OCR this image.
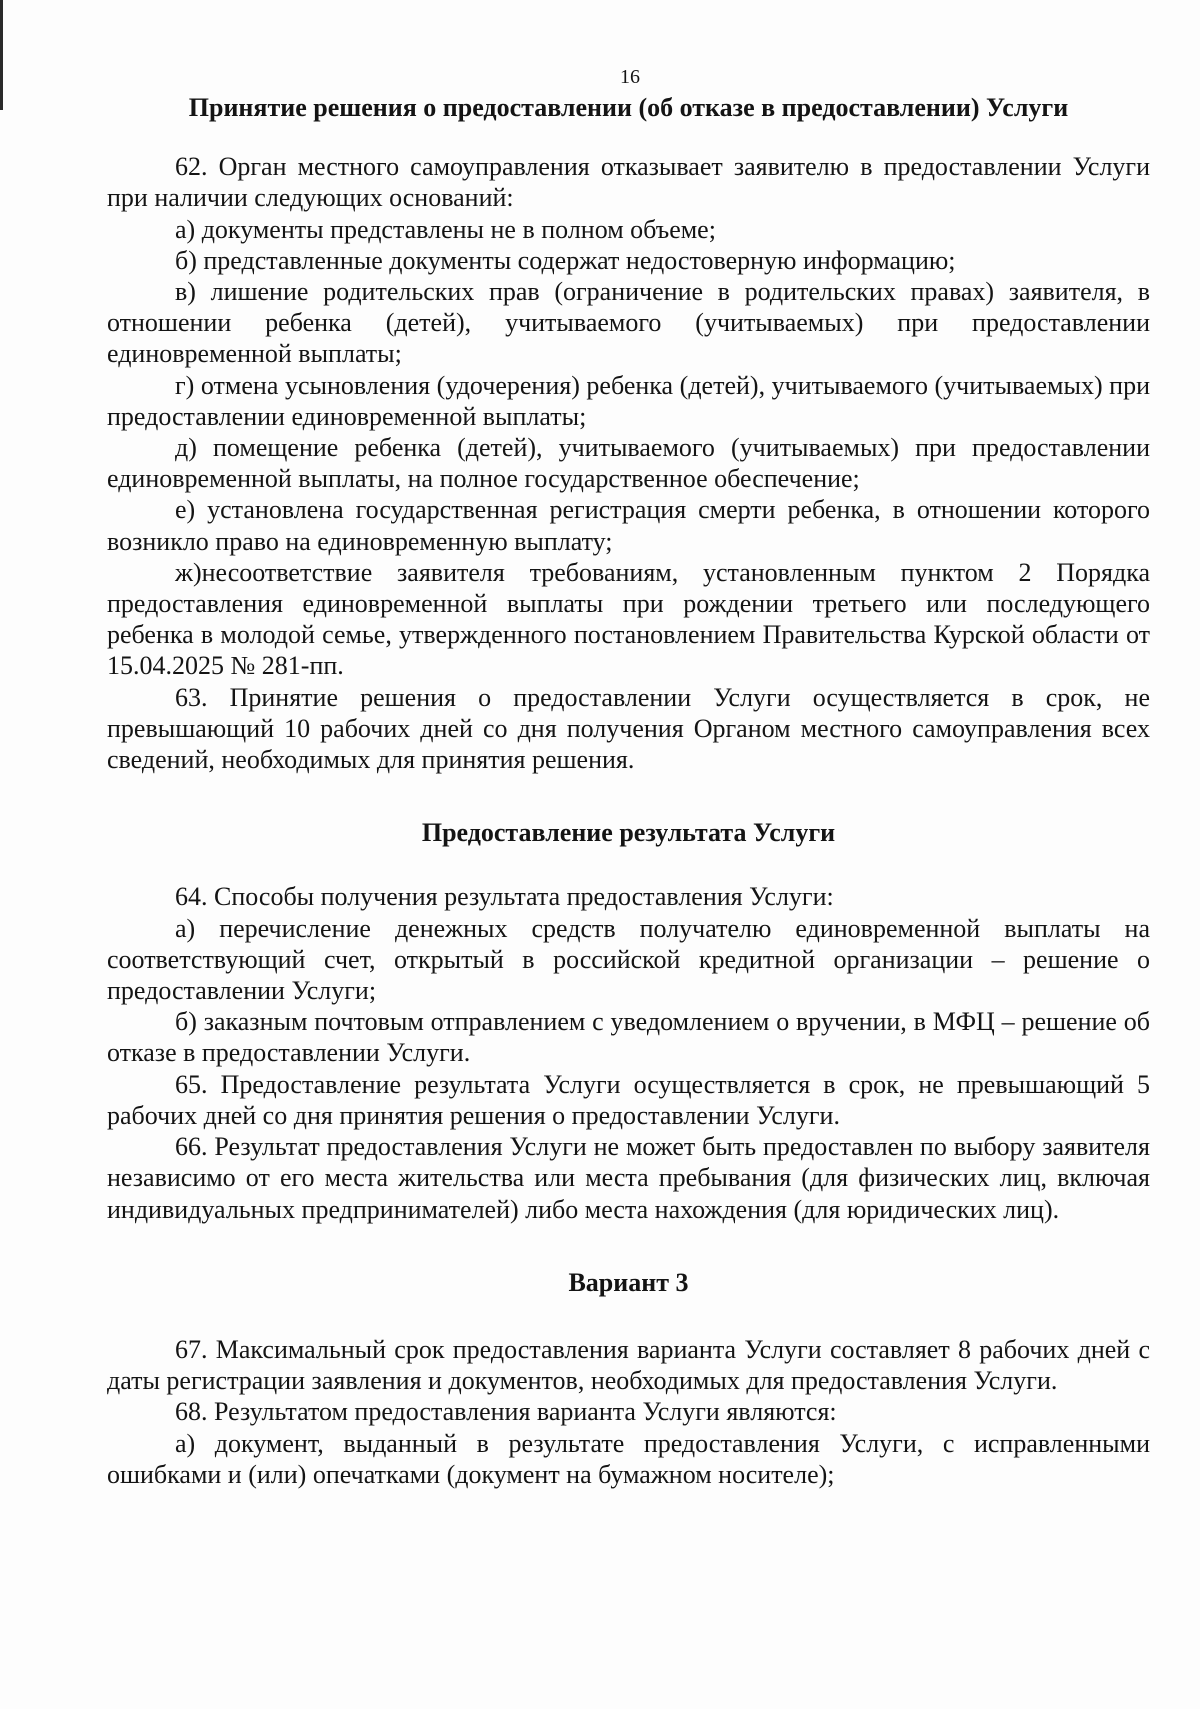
16
Принятие решения о предоставлении (об отказе в предоставлении) Услуги

62. Орган местного самоуправления отказывает заявителю в предоставлении Услуги при наличии следующих оснований:

а) документы представлены не в полном объеме;

б) представленные документы содержат недостоверную информацию;

в) лишение родительских прав (ограничение в родительских правах) заявителя, в отношении ребенка (детей), учитываемого (учитываемых) при предоставлении единовременной выплаты;

г) отмена усыновления (удочерения) ребенка (детей), учитываемого (учитываемых) при предоставлении единовременной выплаты;

д) помещение ребенка (детей), учитываемого (учитываемых) при предоставлении единовременной выплаты, на полное государственное обеспечение;

е) установлена государственная регистрация смерти ребенка, в отношении которого возникло право на единовременную выплату;

ж)несоответствие заявителя требованиям, установленным пунктом 2 Порядка предоставления единовременной выплаты при рождении третьего или последующего ребенка в молодой семье, утвержденного постановлением Правительства Курской области от 15.04.2025 № 281-пп.

63. Принятие решения о предоставлении Услуги осуществляется в срок, не превышающий 10 рабочих дней со дня получения Органом местного самоуправления всех сведений, необходимых для принятия решения.

Предоставление результата Услуги

64. Способы получения результата предоставления Услуги:

а) перечисление денежных средств получателю единовременной выплаты на соответствующий счет, открытый в российской кредитной организации – решение о предоставлении Услуги;

б) заказным почтовым отправлением с уведомлением о вручении, в МФЦ – решение об отказе в предоставлении Услуги.

65. Предоставление результата Услуги осуществляется в срок, не превышающий 5 рабочих дней со дня принятия решения о предоставлении Услуги.

66. Результат предоставления Услуги не может быть предоставлен по выбору заявителя независимо от его места жительства или места пребывания (для физических лиц, включая индивидуальных предпринимателей) либо места нахождения (для юридических лиц).

Вариант 3

67. Максимальный срок предоставления варианта Услуги составляет 8 рабочих дней с даты регистрации заявления и документов, необходимых для предоставления Услуги.

68. Результатом предоставления варианта Услуги являются:

а) документ, выданный в результате предоставления Услуги, с исправленными ошибками и (или) опечатками (документ на бумажном носителе);
